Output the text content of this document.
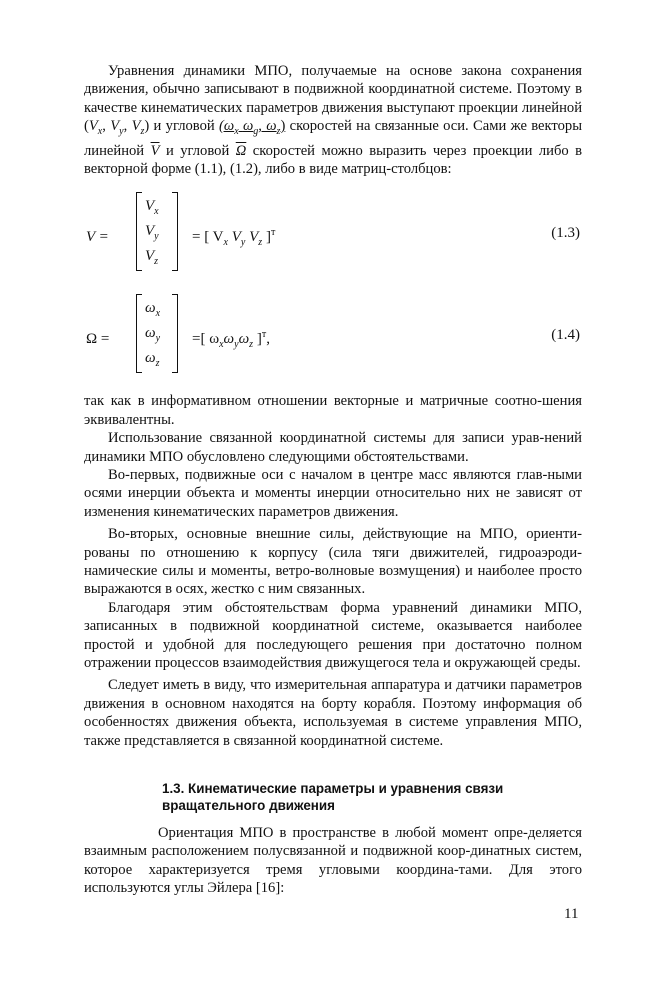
Уравнения динамики МПО, получаемые на основе закона сохранения движения, обычно записывают в подвижной координатной системе. Поэтому в качестве кинематических параметров движения выступают проекции линейной ($V_x$, $V_y$, $V_z$) и угловой ($\omega_x$ $\omega_g$, $\omega_z$) скоростей на связанные оси. Сами же векторы линейной $\overline{V}$ и угловой $\overline{\Omega}$ скоростей можно выразить через проекции либо в векторной форме (1.1), (1.2), либо в виде матриц-столбцов:

V =
$V_x$
$V_y$
$V_z$
= [ $V_x$ $V_y$ $V_z$ ]$^т$	(1.3)
Ω =
$\omega_x$
$\omega_y$
$\omega_z$
=[ $\omega_x\omega_y\omega_z$ ]$^т$,	(1.4)

так как в информативном отношении векторные и матричные соотно-шения эквивалентны.

Использование связанной координатной системы для записи урав-нений динамики МПО обусловлено следующими обстоятельствами.

Во-первых, подвижные оси с началом в центре масс являются глав-ными осями инерции объекта и моменты инерции относительно них не зависят от изменения кинематических параметров движения.

Во-вторых, основные внешние силы, действующие на МПО, ориенти-рованы по отношению к корпусу (сила тяги движителей, гидроаэроди-намические силы и моменты, ветро-волновые возмущения) и наиболее просто выражаются в осях, жестко с ним связанных.

Благодаря этим обстоятельствам форма уравнений динамики МПО, записанных в подвижной координатной системе, оказывается наиболее простой и удобной для последующего решения при достаточно полном отражении процессов взаимодействия движущегося тела и окружающей среды.

Следует иметь в виду, что измерительная аппаратура и датчики параметров движения в основном находятся на борту корабля. Поэтому информация об особенностях движения объекта, используемая в системе управления МПО, также представляется в связанной координатной системе.

1.3. Кинематические параметры и уравнения связи
вращательного движения

Ориентация МПО в пространстве в любой момент опре-деляется взаимным расположением полусвязанной и подвижной коор-динатных систем, которое характеризуется тремя угловыми координа-тами. Для этого используются углы Эйлера [16]:

11
